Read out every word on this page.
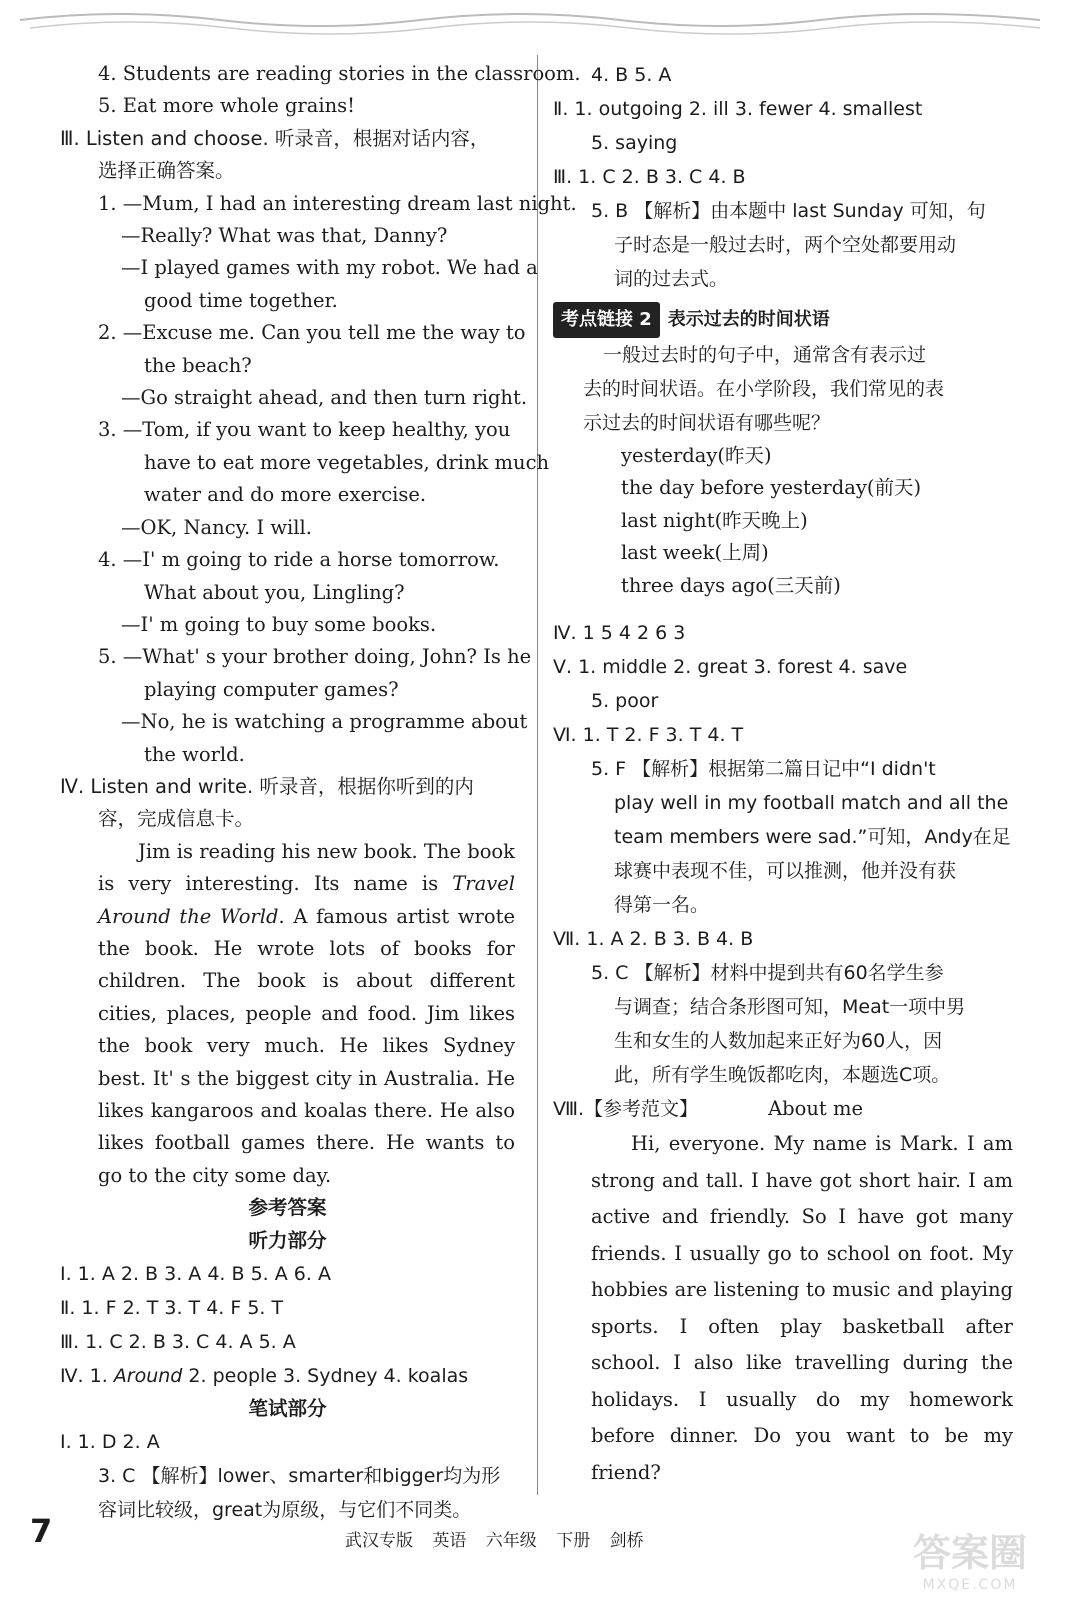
4. Students are reading stories in the classroom.
5. Eat more whole grains!
Ⅲ. Listen and choose. 听录音，根据对话内容，
选择正确答案。
1. —Mum, I had an interesting dream last night.
—Really? What was that, Danny?
—I played games with my robot. We had a
good time together.
2. —Excuse me. Can you tell me the way to
the beach?
—Go straight ahead, and then turn right.
3. —Tom, if you want to keep healthy, you
have to eat more vegetables, drink much
water and do more exercise.
—OK, Nancy. I will.
4. —I' m going to ride a horse tomorrow.
What about you, Lingling?
—I' m going to buy some books.
5. —What' s your brother doing, John? Is he
playing computer games?
—No, he is watching a programme about
the world.
Ⅳ. Listen and write. 听录音，根据你听到的内
容，完成信息卡。
Jim is reading his new book. The book is very interesting. Its name is Travel Around the World. A famous artist wrote the book. He wrote lots of books for children. The book is about different cities, places, people and food. Jim likes the book very much. He likes Sydney best. It' s the biggest city in Australia. He likes kangaroos and koalas there. He also likes football games there. He wants to go to the city some day.
参考答案
听力部分
Ⅰ. 1. A 2. B 3. A 4. B 5. A 6. A
Ⅱ. 1. F 2. T 3. T 4. F 5. T
Ⅲ. 1. C 2. B 3. C 4. A 5. A
Ⅳ. 1. Around 2. people 3. Sydney 4. koalas
笔试部分
Ⅰ. 1. D 2. A
3. C 【解析】lower、smarter和bigger均为形
容词比较级，great为原级，与它们不同类。
4. B 5. A
Ⅱ. 1. outgoing 2. ill 3. fewer 4. smallest
5. saying
Ⅲ. 1. C 2. B 3. C 4. B
5. B 【解析】由本题中 last Sunday 可知，句
子时态是一般过去时，两个空处都要用动
词的过去式。
考点链接 2 表示过去的时间状语
一般过去时的句子中，通常含有表示过
去的时间状语。在小学阶段，我们常见的表
示过去的时间状语有哪些呢？
yesterday(昨天)
the day before yesterday(前天)
last night(昨天晚上)
last week(上周)
three days ago(三天前)
Ⅳ. 1 5 4 2 6 3
Ⅴ. 1. middle 2. great 3. forest 4. save
5. poor
Ⅵ. 1. T 2. F 3. T 4. T
5. F 【解析】根据第二篇日记中“I didn't
play well in my football match and all the
team members were sad.”可知，Andy在足
球赛中表现不佳，可以推测，他并没有获
得第一名。
Ⅶ. 1. A 2. B 3. B 4. B
5. C 【解析】材料中提到共有60名学生参
与调查；结合条形图可知，Meat一项中男
生和女生的人数加起来正好为60人，因
此，所有学生晚饭都吃肉，本题选C项。
Ⅷ.【参考范文】	About me
Hi, everyone. My name is Mark. I am strong and tall. I have got short hair. I am active and friendly. So I have got many friends. I usually go to school on foot. My hobbies are listening to music and playing sports. I often play basketball after school. I also like travelling during the holidays. I usually do my homework before dinner. Do you want to be my friend?
7	武汉专版 英语 六年级 下册 剑桥	答案圈
MXQE.COM
